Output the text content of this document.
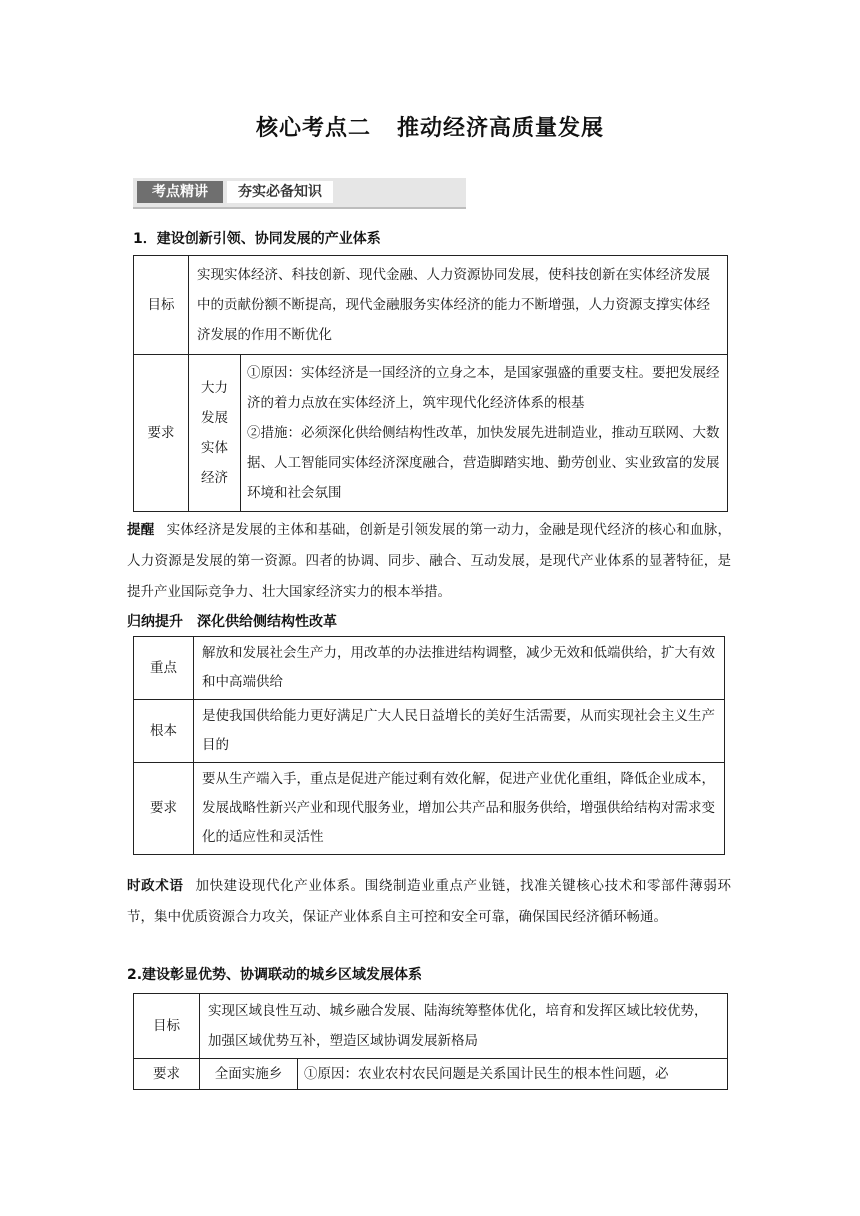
核心考点二 推动经济高质量发展
考点精讲	夯实必备知识

1．建设创新引领、协同发展的产业体系

目标	实现实体经济、科技创新、现代金融、人力资源协同发展，使科技创新在实体经济发展中的贡献份额不断提高，现代金融服务实体经济的能力不断增强，人力资源支撑实体经济发展的作用不断优化	
要求	大力发展实体经济	①原因：实体经济是一国经济的立身之本，是国家强盛的重要支柱。要把发展经济的着力点放在实体经济上，筑牢现代化经济体系的根基
②措施：必须深化供给侧结构性改革，加快发展先进制造业，推动互联网、大数据、人工智能同实体经济深度融合，营造脚踏实地、勤劳创业、实业致富的发展环境和社会氛围

提醒 实体经济是发展的主体和基础，创新是引领发展的第一动力，金融是现代经济的核心和血脉，人力资源是发展的第一资源。四者的协调、同步、融合、互动发展，是现代产业体系的显著特征，是提升产业国际竞争力、壮大国家经济实力的根本举措。

归纳提升　深化供给侧结构性改革

重点	解放和发展社会生产力，用改革的办法推进结构调整，减少无效和低端供给，扩大有效和中高端供给
根本	是使我国供给能力更好满足广大人民日益增长的美好生活需要，从而实现社会主义生产目的
要求	要从生产端入手，重点是促进产能过剩有效化解，促进产业优化重组，降低企业成本，发展战略性新兴产业和现代服务业，增加公共产品和服务供给，增强供给结构对需求变化的适应性和灵活性

时政术语 加快建设现代化产业体系。围绕制造业重点产业链，找准关键核心技术和零部件薄弱环节，集中优质资源合力攻关，保证产业体系自主可控和安全可靠，确保国民经济循环畅通。

2.建设彰显优势、协调联动的城乡区域发展体系

目标	实现区域良性互动、城乡融合发展、陆海统筹整体优化，培育和发挥区域比较优势，加强区域优势互补，塑造区域协调发展新格局	
要求	全面实施乡	①原因：农业农村农民问题是关系国计民生的根本性问题，必
